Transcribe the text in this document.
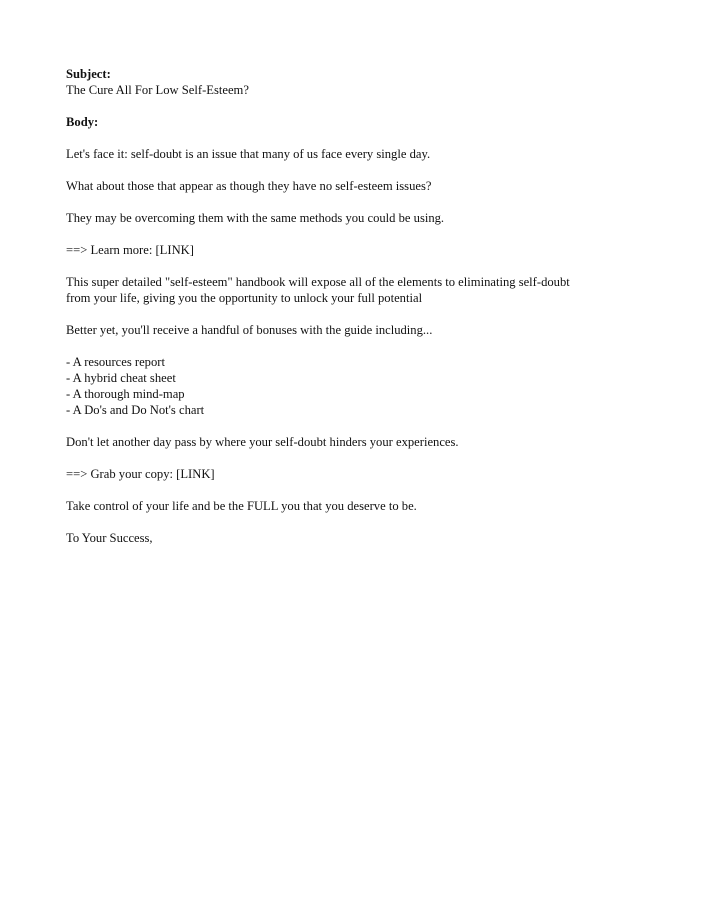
Subject:
The Cure All For Low Self-Esteem?
Body:

Let's face it: self-doubt is an issue that many of us face every single day.

What about those that appear as though they have no self-esteem issues?

They may be overcoming them with the same methods you could be using.

==> Learn more: [LINK]

This super detailed "self-esteem" handbook will expose all of the elements to eliminating self-doubt
from your life, giving you the opportunity to unlock your full potential

Better yet, you'll receive a handful of bonuses with the guide including...

- A resources report
- A hybrid cheat sheet
- A thorough mind-map
- A Do's and Do Not's chart

Don't let another day pass by where your self-doubt hinders your experiences.

==> Grab your copy: [LINK]

Take control of your life and be the FULL you that you deserve to be.

To Your Success,
